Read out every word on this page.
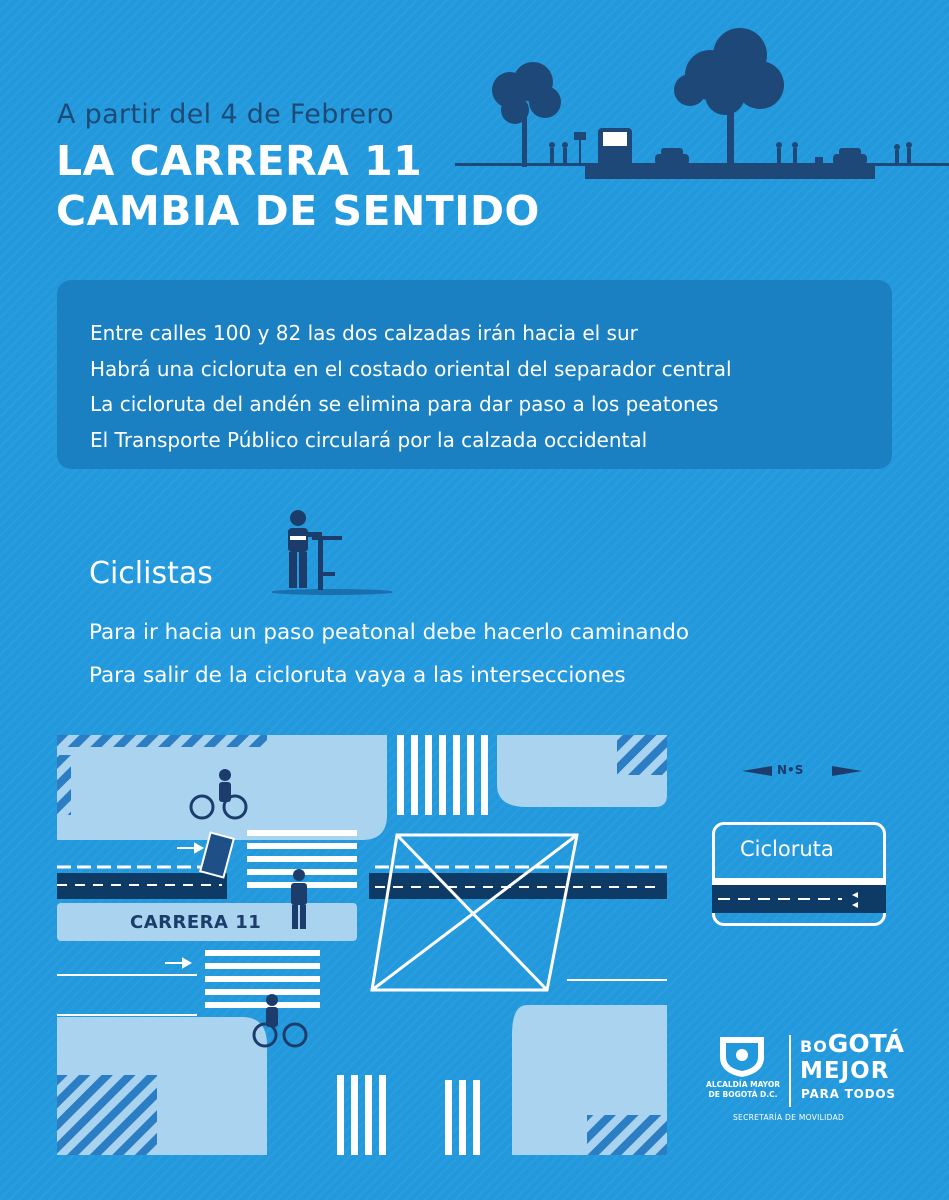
A partir del 4 de Febrero
LA CARRERA 11
CAMBIA DE SENTIDO
Entre calles 100 y 82 las dos calzadas irán hacia el sur
Habrá una cicloruta en el costado oriental del separador central
La cicloruta del andén se elimina para dar paso a los peatones
El Transporte Público circulará por la calzada occidental
Ciclistas
Para ir hacia un paso peatonal debe hacerlo caminando
Para salir de la cicloruta vaya a las intersecciones
CARRERA 11
N•S
Cicloruta
ALCALDÍA MAYOR
DE BOGOTÁ D.C.
BOGOTÁ
MEJOR
PARA TODOS
SECRETARÍA DE MOVILIDAD
